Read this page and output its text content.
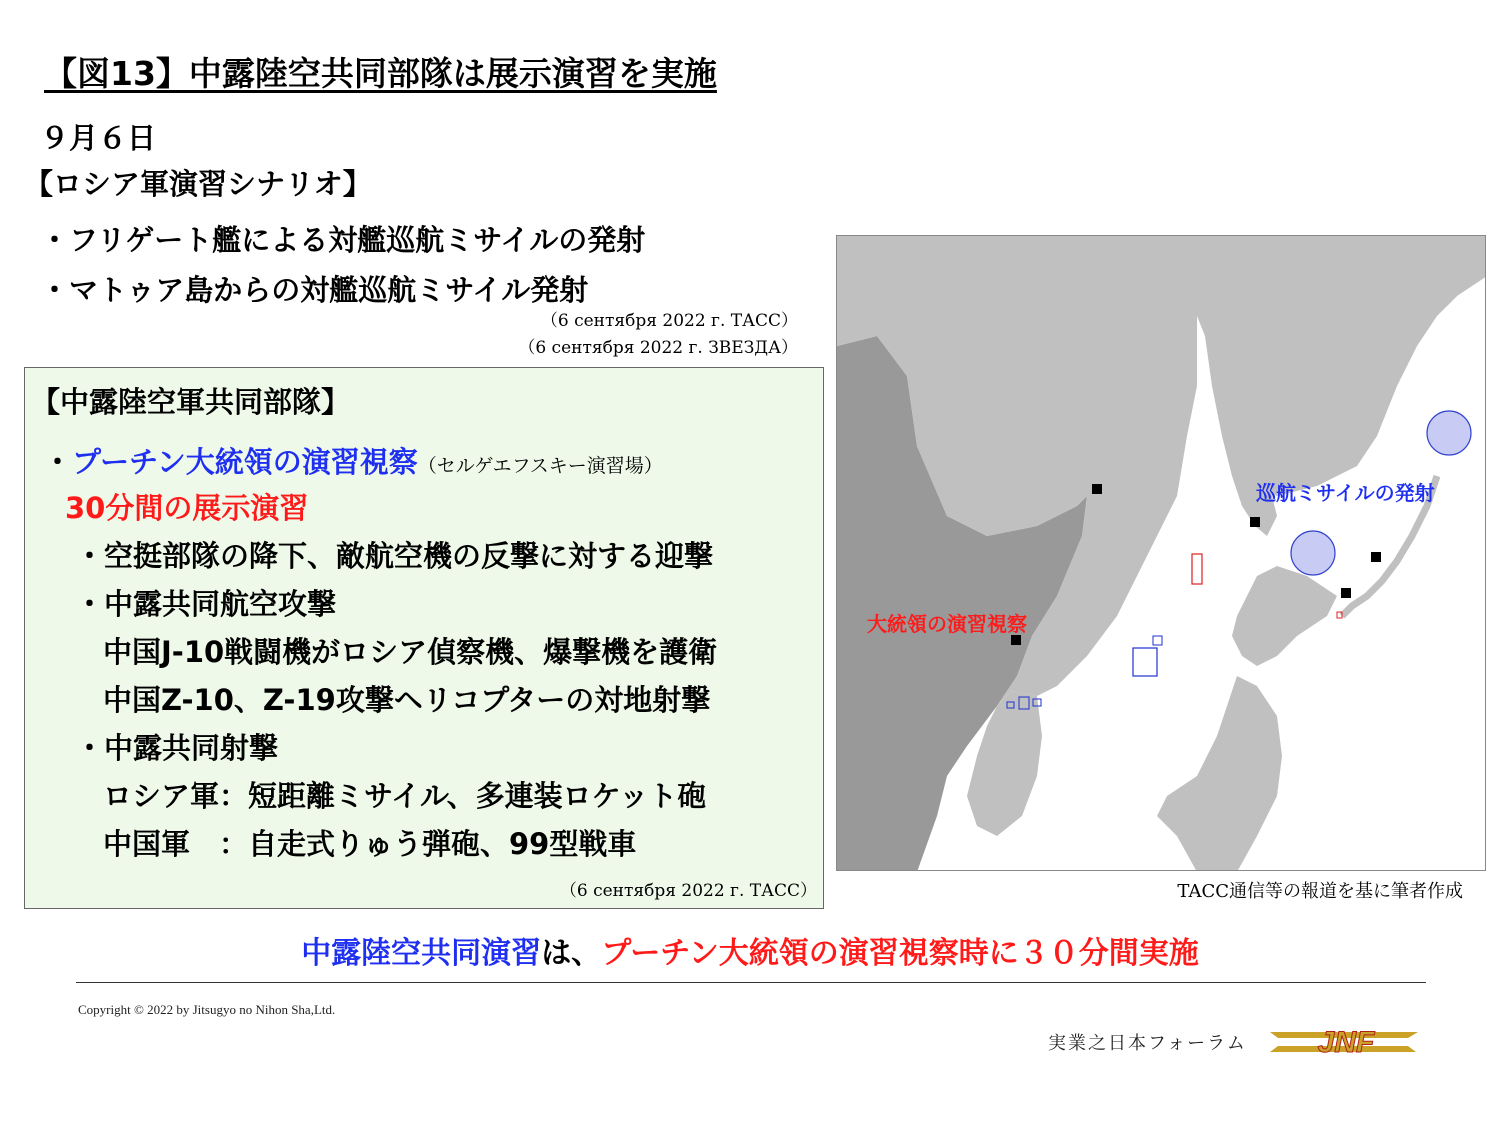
【図13】中露陸空共同部隊は展示演習を実施
９月６日
【ロシア軍演習シナリオ】
・フリゲート艦による対艦巡航ミサイルの発射
・マトゥア島からの対艦巡航ミサイル発射
（6 сентября 2022 г. ТАСС）
（6 сентября 2022 г. ЗВЕЗДА）
【中露陸空軍共同部隊】
・プーチン大統領の演習視察（セルゲエフスキー演習場）
30分間の展示演習
・空挺部隊の降下、敵航空機の反撃に対する迎撃
・中露共同航空攻撃
中国J-10戦闘機がロシア偵察機、爆撃機を護衛
中国Z-10、Z-19攻撃ヘリコプターの対地射撃
・中露共同射撃
ロシア軍：短距離ミサイル、多連装ロケット砲
中国軍　：自走式りゅう弾砲、99型戦車
（6 сентября 2022 г. ТАСС）
巡航ミサイルの発射
大統領の演習視察
TACC通信等の報道を基に筆者作成
中露陸空共同演習は、プーチン大統領の演習視察時に３０分間実施
Copyright © 2022 by Jitsugyo no Nihon Sha,Ltd.
実業之日本フォーラム JNF
